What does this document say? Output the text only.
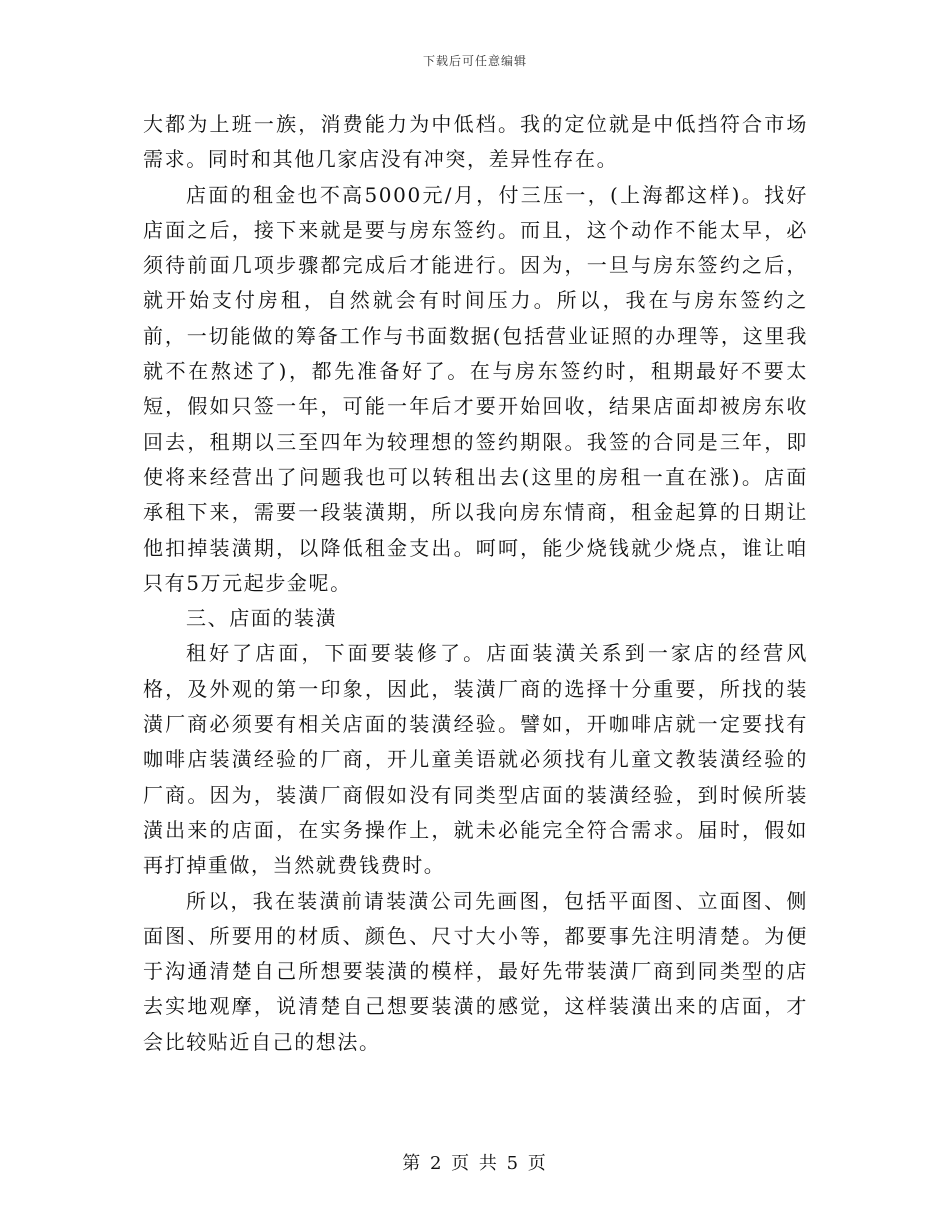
下载后可任意编辑

大都为上班一族，消费能力为中低档。我的定位就是中低挡符合市场需求。同时和其他几家店没有冲突，差异性存在。

店面的租金也不高5000元/月，付三压一，(上海都这样)。找好店面之后，接下来就是要与房东签约。而且，这个动作不能太早，必须待前面几项步骤都完成后才能进行。因为，一旦与房东签约之后，就开始支付房租，自然就会有时间压力。所以，我在与房东签约之前，一切能做的筹备工作与书面数据(包括营业证照的办理等，这里我就不在熬述了)，都先准备好了。在与房东签约时，租期最好不要太短，假如只签一年，可能一年后才要开始回收，结果店面却被房东收回去，租期以三至四年为较理想的签约期限。我签的合同是三年，即使将来经营出了问题我也可以转租出去(这里的房租一直在涨)。店面承租下来，需要一段装潢期，所以我向房东情商，租金起算的日期让他扣掉装潢期，以降低租金支出。呵呵，能少烧钱就少烧点，谁让咱只有5万元起步金呢。

三、店面的装潢

租好了店面，下面要装修了。店面装潢关系到一家店的经营风格，及外观的第一印象，因此，装潢厂商的选择十分重要，所找的装潢厂商必须要有相关店面的装潢经验。譬如，开咖啡店就一定要找有咖啡店装潢经验的厂商，开儿童美语就必须找有儿童文教装潢经验的厂商。因为，装潢厂商假如没有同类型店面的装潢经验，到时候所装潢出来的店面，在实务操作上，就未必能完全符合需求。届时，假如再打掉重做，当然就费钱费时。

所以，我在装潢前请装潢公司先画图，包括平面图、立面图、侧面图、所要用的材质、颜色、尺寸大小等，都要事先注明清楚。为便于沟通清楚自己所想要装潢的模样，最好先带装潢厂商到同类型的店去实地观摩，说清楚自己想要装潢的感觉，这样装潢出来的店面，才会比较贴近自己的想法。

第 2 页 共 5 页
